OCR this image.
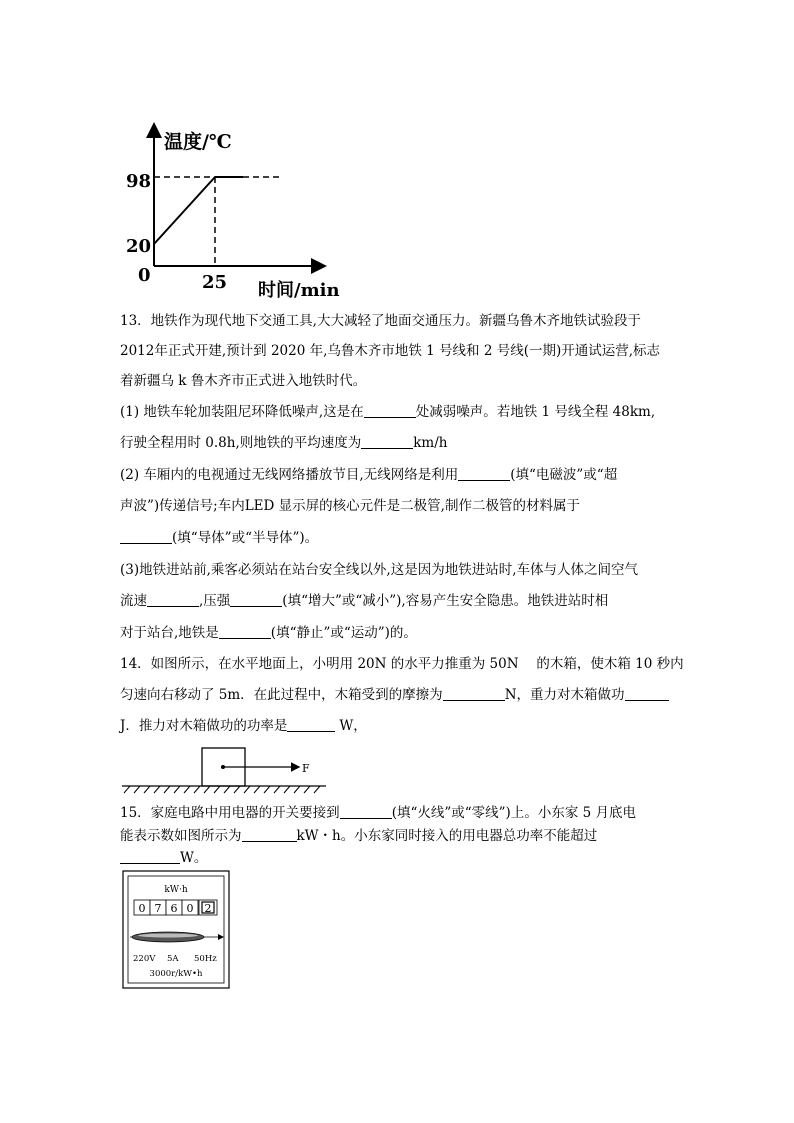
温度/℃
98
20
0	25 时间/min
13．地铁作为现代地下交通工具,大大减轻了地面交通压力。新疆乌鲁木齐地铁试验段于
2012年正式开建,预计到 2020 年,乌鲁木齐市地铁 1 号线和 2 号线(一期)开通试运营,标志
着新疆乌 k 鲁木齐市正式进入地铁时代。
(1) 地铁车轮加装阻尼环降低噪声,这是在	处减弱噪声。若地铁 1 号线全程 48km,
行驶全程用时 0.8h,则地铁的平均速度为	km/h
(2) 车厢内的电视通过无线网络播放节目,无线网络是利用	(填“电磁波”或“超
声波”)传递信号;车内LED 显示屏的核心元件是二极管,制作二极管的材料属于
(填“导体”或“半导体”)。
(3)地铁进站前,乘客必须站在站台安全线以外,这是因为地铁进站时,车体与人体之间空气
流速	,压强	(填“增大”或“减小”),容易产生安全隐患。地铁进站时相
对于站台,地铁是	(填“静止”或“运动”)的。
14．如图所示，在水平地面上，小明用 20N 的水平力推重为 50N　 的木箱，使木箱 10 秒内
匀速向右移动了 5m．在此过程中，木箱受到的摩擦为	N，重力对木箱做功
J．推力对木箱做功的功率是	W，
F
15．家庭电路中用电器的开关要接到	(填“火线”或“零线”)上。小东家 5 月底电
能表示数如图所示为	kW・h。小东家同时接入的用电器总功率不能超过
W。
kW·h
0 7 6 0 2
220V 5A 50Hz
3000r/kW•h
